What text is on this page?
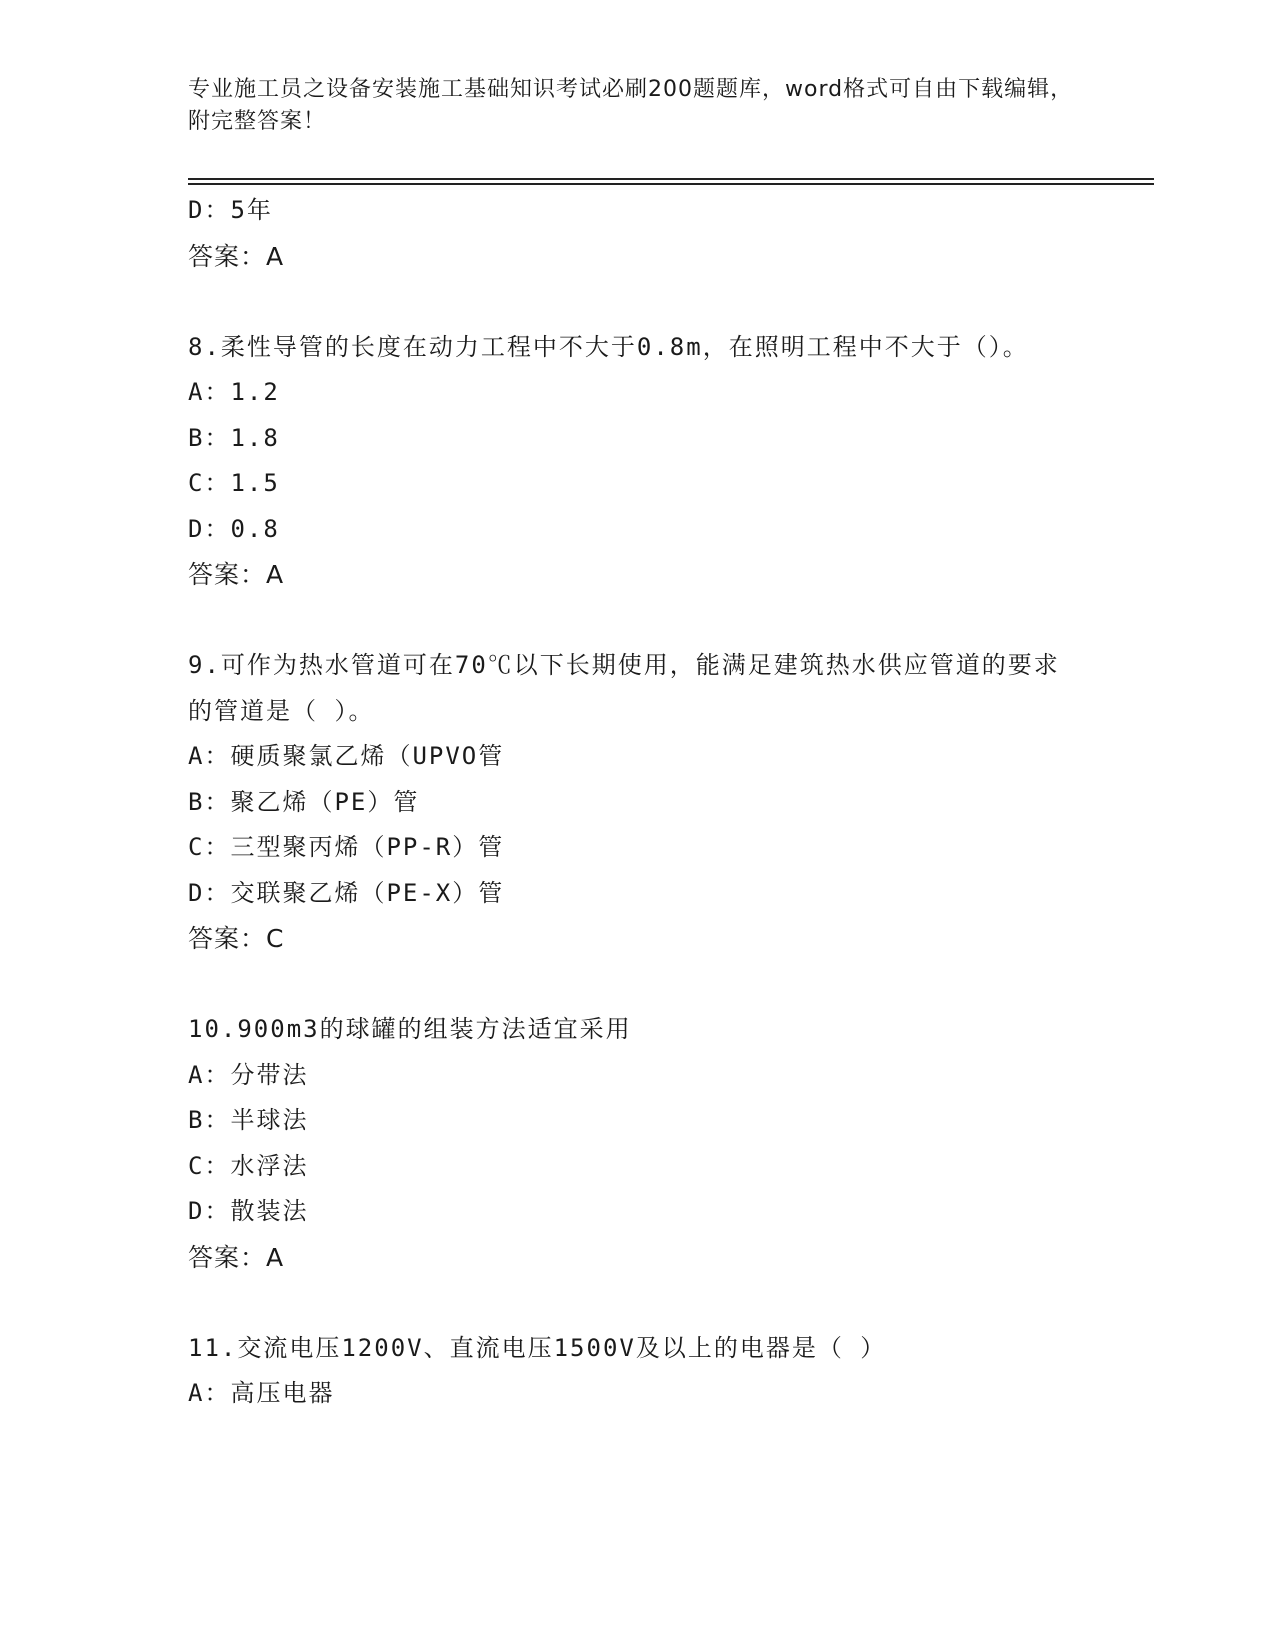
专业施工员之设备安装施工基础知识考试必刷200题题库，word格式可自由下载编辑，附完整答案！
D：5年
答案：A
8.柔性导管的长度在动力工程中不大于0.8m，在照明工程中不大于（）。
A：1.2
B：1.8
C：1.5
D：0.8
答案：A
9.可作为热水管道可在70℃以下长期使用，能满足建筑热水供应管道的要求的管道是（ ）。
A：硬质聚氯乙烯（UPVO管
B：聚乙烯（PE）管
C：三型聚丙烯（PP-R）管
D：交联聚乙烯（PE-X）管
答案：C
10.900m3的球罐的组装方法适宜采用
A：分带法
B：半球法
C：水浮法
D：散装法
答案：A
11.交流电压1200V、直流电压1500V及以上的电器是（ ）
A：高压电器
